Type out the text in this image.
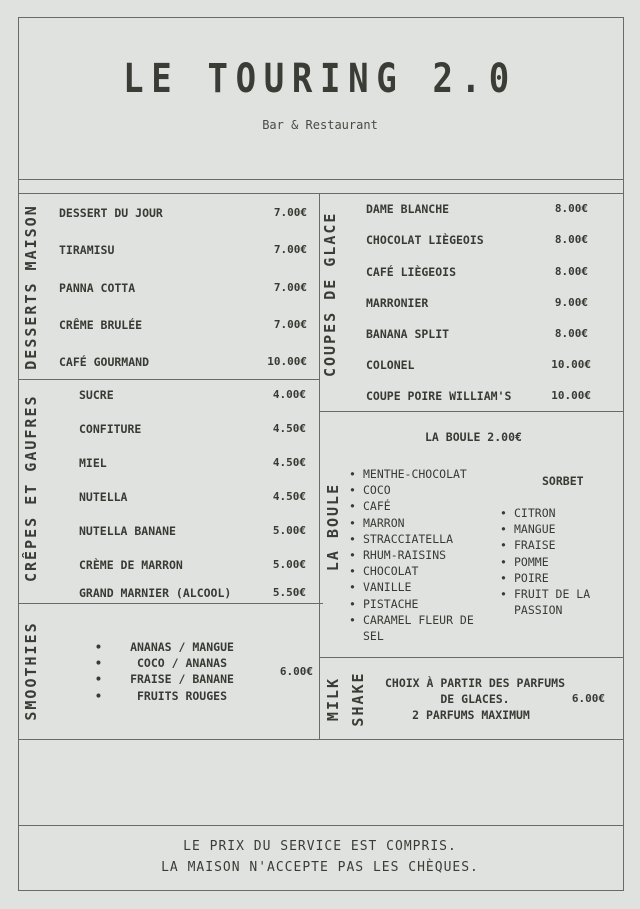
LE TOURING 2.0
Bar & Restaurant
DESSERTS MAISON DESSERT DU JOUR	7.00€
TIRAMISU	7.00€
PANNA COTTA	7.00€
CRÊME BRULÉE	7.00€
CAFÉ GOURMAND	10.00€
CRÊPES ET GAUFRES	SUCRE	4.00€
CONFITURE	4.50€
MIEL	4.50€
NUTELLA	4.50€
NUTELLA BANANE	5.00€
CRÈME DE MARRON	5.00€
GRAND MARNIER (ALCOOL)	5.50€
SMOOTHIES
•	ANANAS / MANGUE
• COCO / ANANAS
• FRAISE / BANANE
• FRUITS ROUGES
6.00€
COUPES DE GLACE
DAME BLANCHE	8.00€
CHOCOLAT LIÈGEOIS	8.00€
CAFÉ LIÈGEOIS	8.00€
MARRONIER	9.00€
BANANA SPLIT	8.00€
COLONEL	10.00€
COUPE POIRE WILLIAM'S	10.00€
LA BOULE
LA BOULE 2.00€
• MENTHE-CHOCOLAT
• COCO
• CAFÉ
• MARRON
• STRACCIATELLA
• RHUM-RAISINS
• CHOCOLAT
• VANILLE
• PISTACHE
• CARAMEL FLEUR DE SEL
SORBET
• CITRON
• MANGUE
• FRAISE
• POMME
• POIRE
• FRUIT DE LA PASSION
MILK SHAKE	CHOIX À PARTIR DES PARFUMS
DE GLACES.
2 PARFUMS MAXIMUM
6.00€
LE PRIX DU SERVICE EST COMPRIS.
LA MAISON N'ACCEPTE PAS LES CHÈQUES.
